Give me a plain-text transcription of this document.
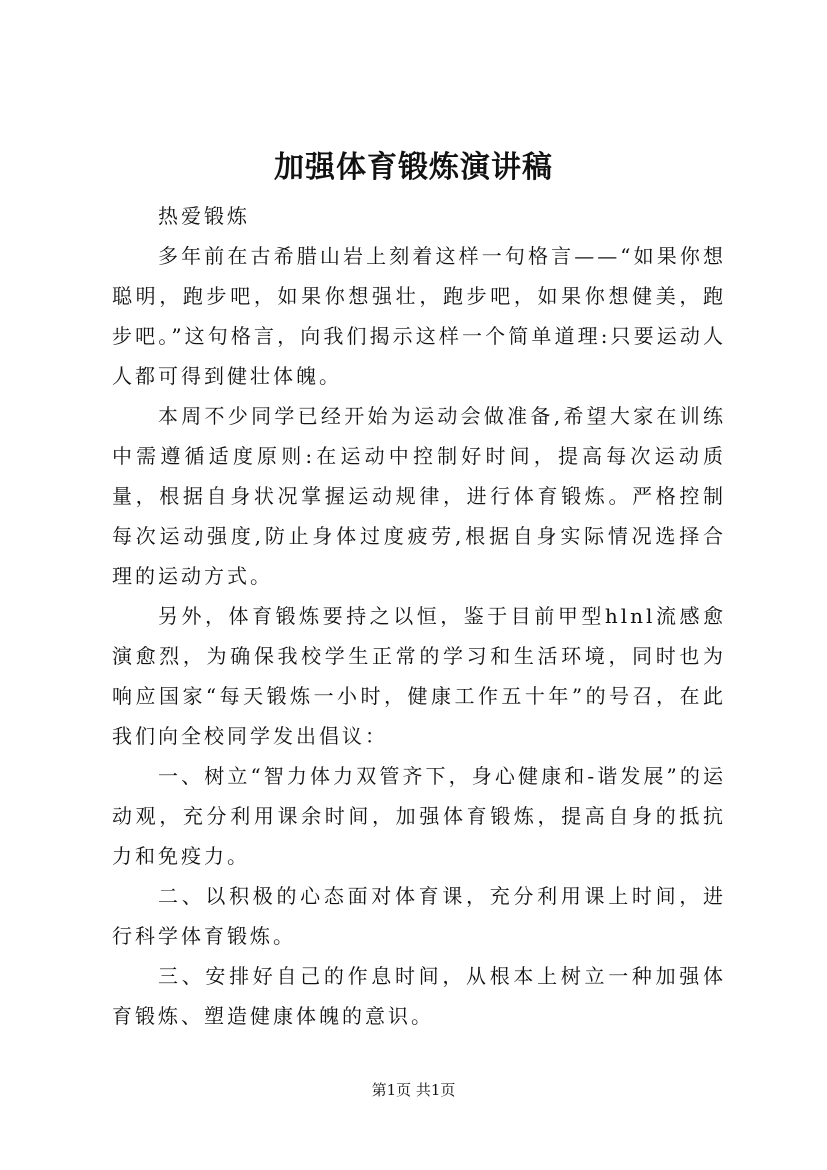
加强体育锻炼演讲稿

热爱锻炼

多年前在古希腊山岩上刻着这样一句格言——“如果你想聪明，跑步吧，如果你想强壮，跑步吧，如果你想健美，跑步吧。”这句格言，向我们揭示这样一个简单道理:只要运动人人都可得到健壮体魄。

本周不少同学已经开始为运动会做准备,希望大家在训练中需遵循适度原则:在运动中控制好时间，提高每次运动质量，根据自身状况掌握运动规律，进行体育锻炼。严格控制每次运动强度,防止身体过度疲劳,根据自身实际情况选择合理的运动方式。

另外，体育锻炼要持之以恒，鉴于目前甲型hlnl流感愈演愈烈，为确保我校学生正常的学习和生活环境，同时也为响应国家“每天锻炼一小时，健康工作五十年”的号召，在此我们向全校同学发出倡议：

一、树立“智力体力双管齐下，身心健康和-谐发展”的运动观，充分利用课余时间，加强体育锻炼，提高自身的抵抗力和免疫力。

二、以积极的心态面对体育课，充分利用课上时间，进行科学体育锻炼。

三、安排好自己的作息时间，从根本上树立一种加强体育锻炼、塑造健康体魄的意识。

第1页 共1页
